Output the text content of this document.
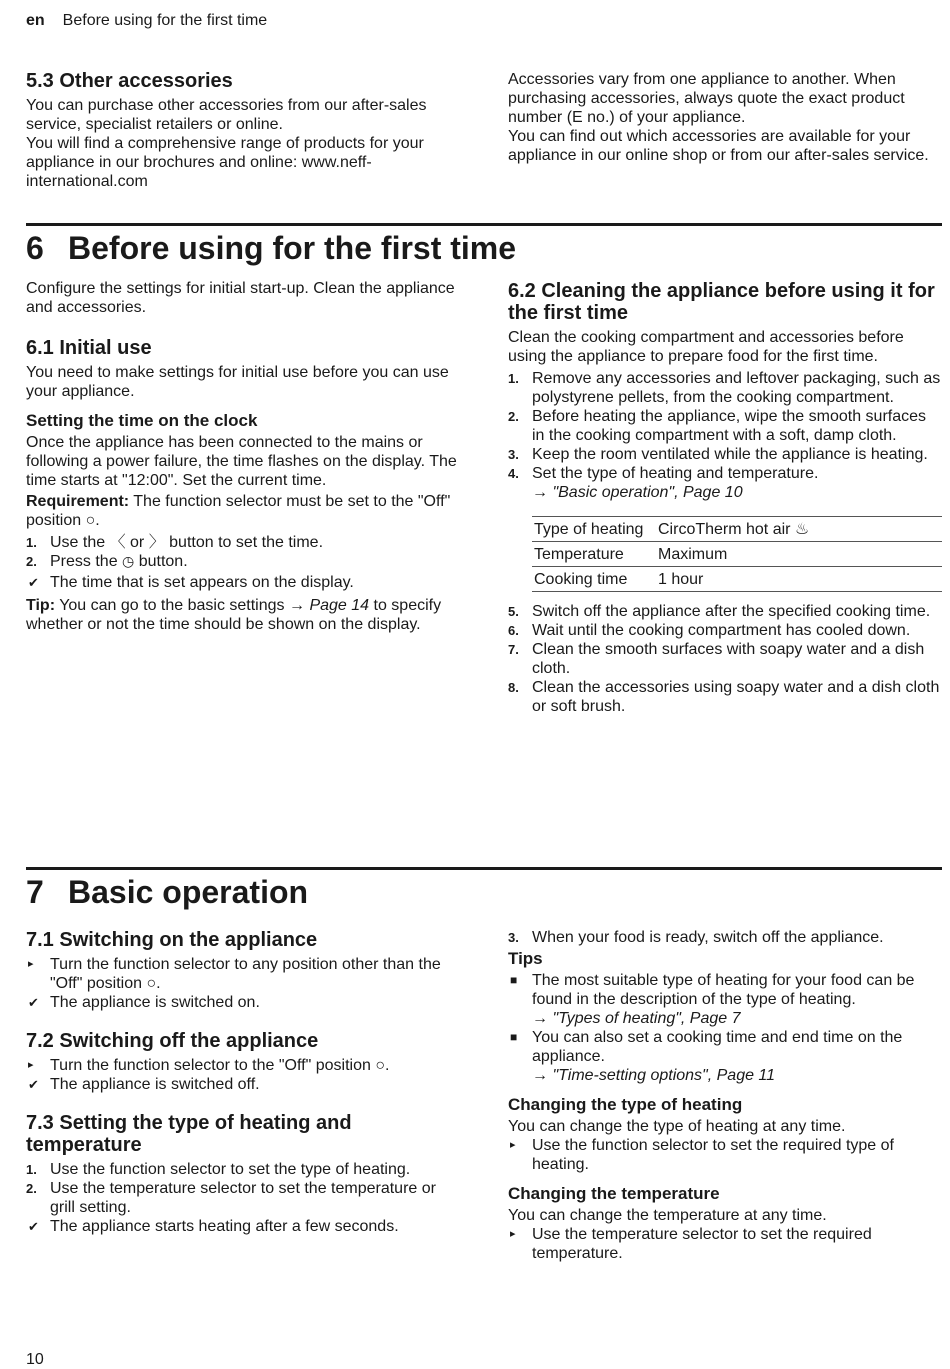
en Before using for the first time
5.3 Other accessories

You can purchase other accessories from our after-sales service, specialist retailers or online.

You will find a comprehensive range of products for your appliance in our brochures and online: www.neff-international.com

Accessories vary from one appliance to another. When purchasing accessories, always quote the exact product number (E no.) of your appliance.

You can find out which accessories are available for your appliance in our online shop or from our after-sales service.

6 Before using for the first time

Configure the settings for initial start-up. Clean the appliance and accessories.

6.1 Initial use

You need to make settings for initial use before you can use your appliance.

Setting the time on the clock

Once the appliance has been connected to the mains or following a power failure, the time flashes on the display. The time starts at "12:00". Set the current time.

Requirement: The function selector must be set to the "Off" position ○.

1. Use the 〈 or 〉 button to set the time.
2. Press the ◷ button.

✔ The time that is set appears on the display.

Tip: You can go to the basic settings → Page 14 to specify whether or not the time should be shown on the display.

6.2 Cleaning the appliance before using it for the first time

Clean the cooking compartment and accessories before using the appliance to prepare food for the first time.

1. Remove any accessories and leftover packaging, such as polystyrene pellets, from the cooking compartment.
2. Before heating the appliance, wipe the smooth surfaces in the cooking compartment with a soft, damp cloth.
3. Keep the room ventilated while the appliance is heating.
4. Set the type of heating and temperature.
→ "Basic operation", Page 10
Type of heating	CircoTherm hot air ♨
Temperature	Maximum
Cooking time	1 hour
5. Switch off the appliance after the specified cooking time.
6. Wait until the cooking compartment has cooled down.
7. Clean the smooth surfaces with soapy water and a dish cloth.
8. Clean the accessories using soapy water and a dish cloth or soft brush.
7 Basic operation
7.1 Switching on the appliance

▸ Turn the function selector to any position other than the "Off" position ○.

✔ The appliance is switched on.

7.2 Switching off the appliance

▸ Turn the function selector to the "Off" position ○.

✔ The appliance is switched off.

7.3 Setting the type of heating and temperature
1. Use the function selector to set the type of heating.
2. Use the temperature selector to set the temperature or grill setting.

✔ The appliance starts heating after a few seconds.

3. When your food is ready, switch off the appliance.
Tips

■ The most suitable type of heating for your food can be found in the description of the type of heating.
→ "Types of heating", Page 7

■ You can also set a cooking time and end time on the appliance.
→ "Time-setting options", Page 11

Changing the type of heating

You can change the type of heating at any time.

▸ Use the function selector to set the required type of heating.

Changing the temperature

You can change the temperature at any time.

▸ Use the temperature selector to set the required temperature.

10
